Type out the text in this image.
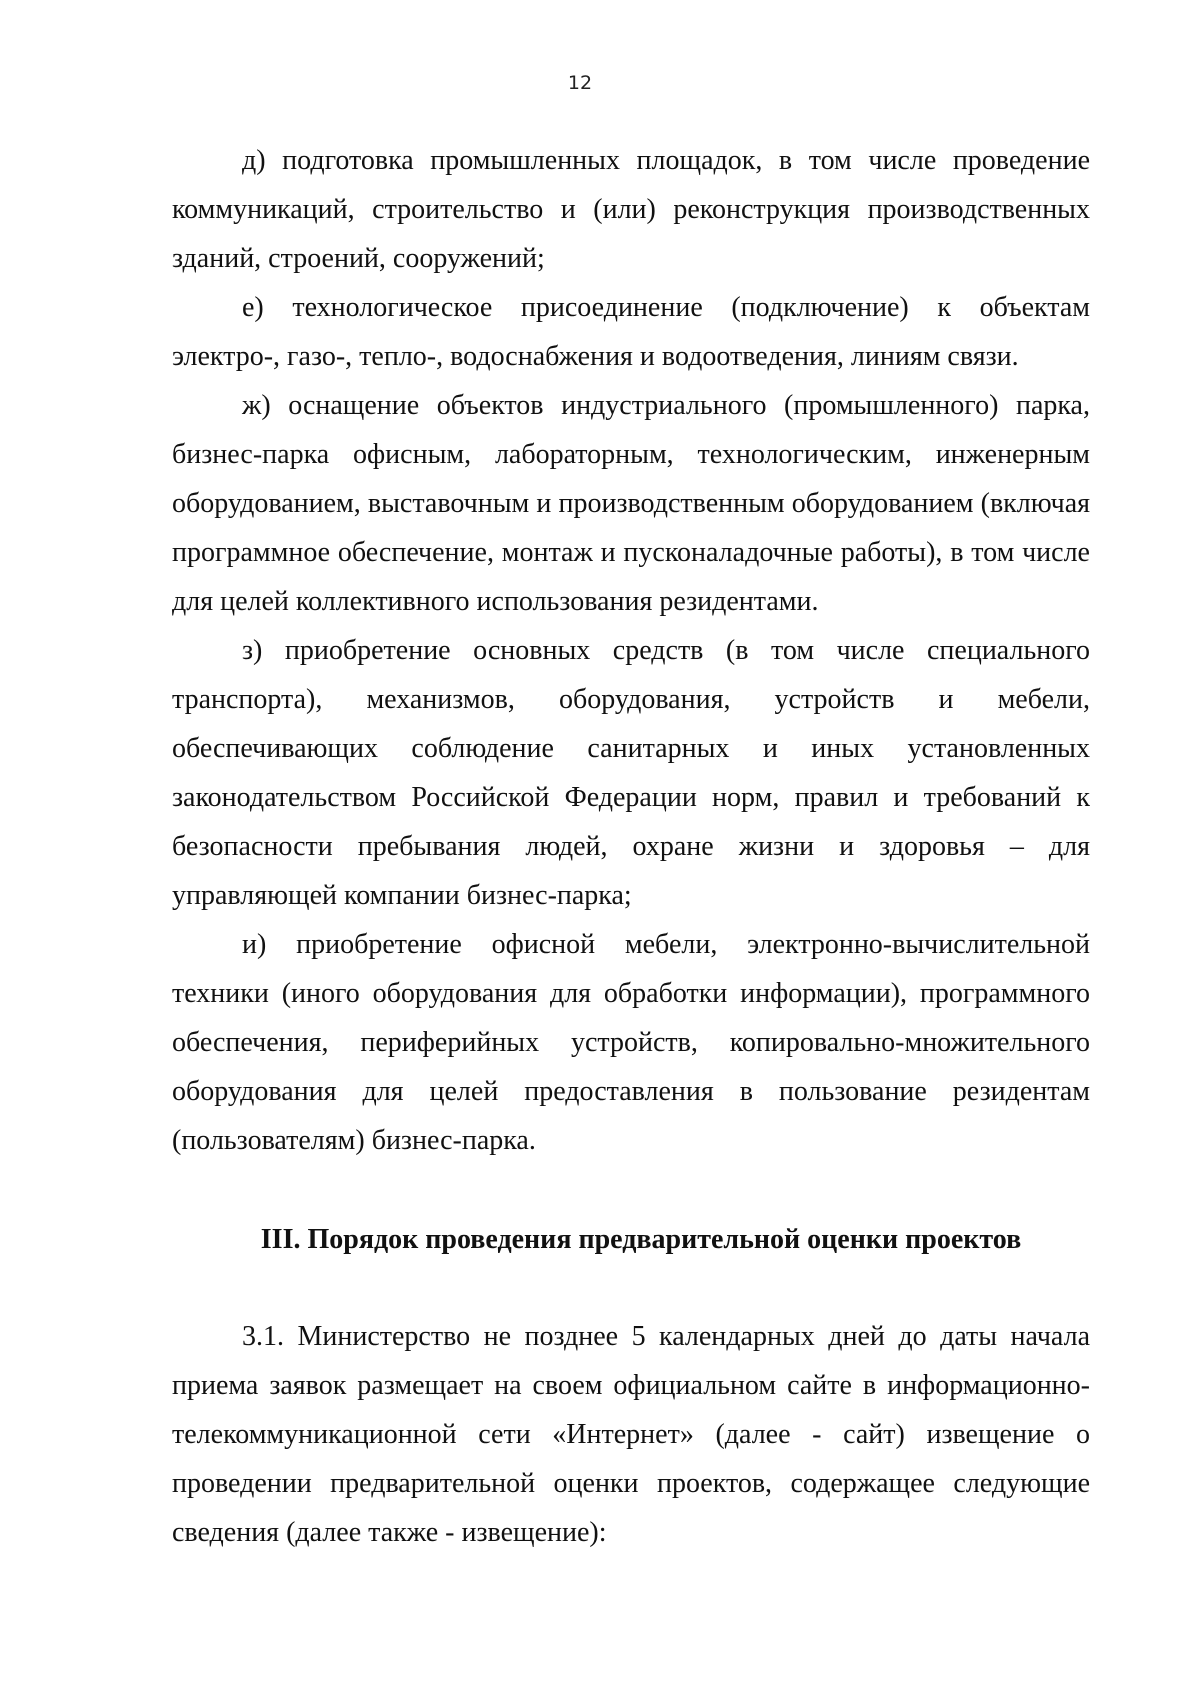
12

д) подготовка промышленных площадок, в том числе проведение коммуникаций, строительство и (или) реконструкция производственных зданий, строений, сооружений;

е) технологическое присоединение (подключение) к объектам электро-, газо-, тепло-, водоснабжения и водоотведения, линиям связи.

ж) оснащение объектов индустриального (промышленного) парка, бизнес-парка офисным, лабораторным, технологическим, инженерным оборудованием, выставочным и производственным оборудованием (включая программное обеспечение, монтаж и пусконаладочные работы), в том числе для целей коллективного использования резидентами.

з) приобретение основных средств (в том числе специального транспорта), механизмов, оборудования, устройств и мебели, обеспечивающих соблюдение санитарных и иных установленных законодательством Российской Федерации норм, правил и требований к безопасности пребывания людей, охране жизни и здоровья – для управляющей компании бизнес-парка;

и) приобретение офисной мебели, электронно-вычислительной техники (иного оборудования для обработки информации), программного обеспечения, периферийных устройств, копировально-множительного оборудования для целей предоставления в пользование резидентам (пользователям) бизнес-парка.

III. Порядок проведения предварительной оценки проектов

3.1. Министерство не позднее 5 календарных дней до даты начала приема заявок размещает на своем официальном сайте в информационно-телекоммуникационной сети «Интернет» (далее - сайт) извещение о проведении предварительной оценки проектов, содержащее следующие сведения (далее также - извещение):
